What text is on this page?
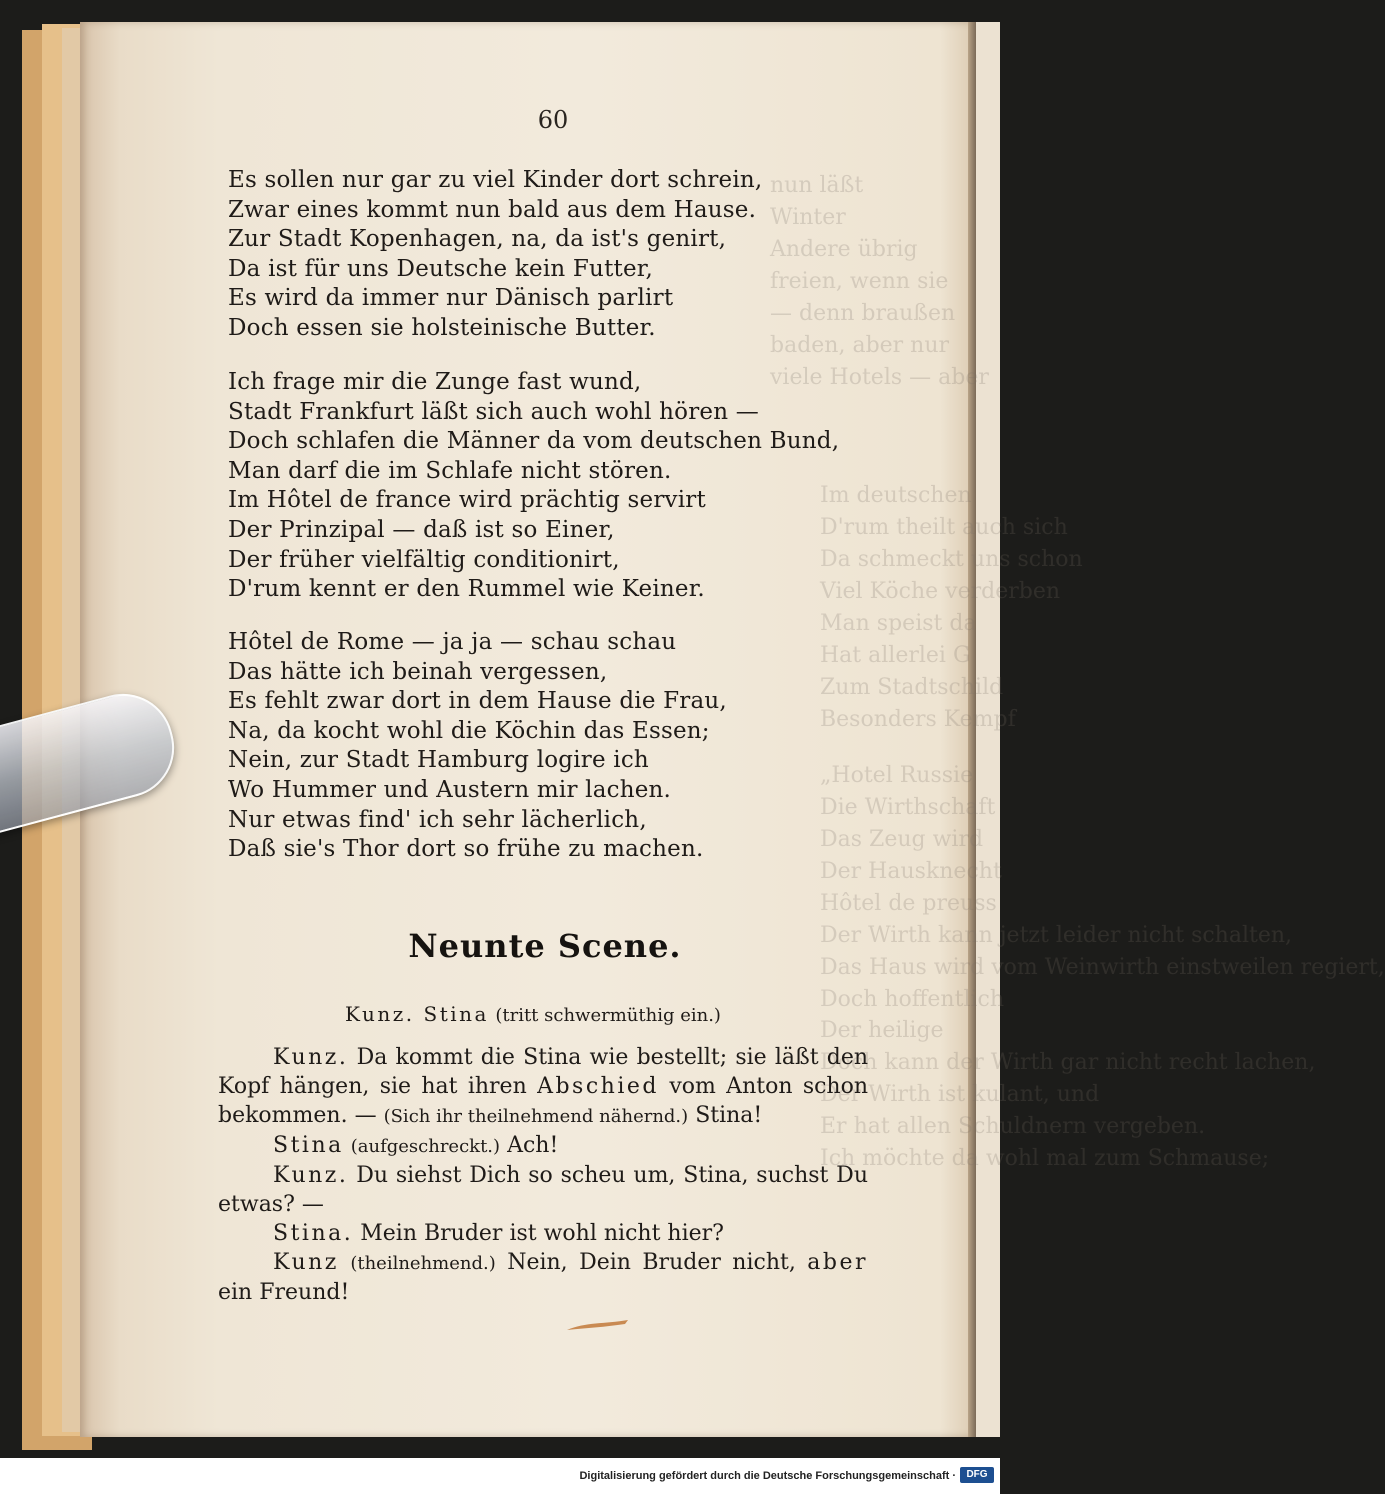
nun läßt
Winter
Andere übrig
freien, wenn sie
— denn braußen
baden, aber nur
viele Hotels — aber
Im deutschen
D'rum theilt auch sich
Da schmeckt uns schon
Viel Köche verderben
Man speist da
Hat allerlei G
Zum Stadtschild
Besonders Kempf
„Hotel Russie
Die Wirthschaft
Das Zeug wird
Der Hausknecht
Hôtel de preuss
Der Wirth kann jetzt leider nicht schalten,
Das Haus wird vom Weinwirth einstweilen regiert,
Doch hoffentlich
Der heilige
Doch kann der Wirth gar nicht recht lachen,
Der Wirth ist kulant, und
Er hat allen Schuldnern vergeben.
Ich möchte da wohl mal zum Schmause;
60
Es sollen nur gar zu viel Kinder dort schrein,
Zwar eines kommt nun bald aus dem Hause.
Zur Stadt Kopenhagen, na, da ist's genirt,
Da ist für uns Deutsche kein Futter,
Es wird da immer nur Dänisch parlirt
Doch essen sie holsteinische Butter.
Ich frage mir die Zunge fast wund,
Stadt Frankfurt läßt sich auch wohl hören —
Doch schlafen die Männer da vom deutschen Bund,
Man darf die im Schlafe nicht stören.
Im Hôtel de france wird prächtig servirt
Der Prinzipal — daß ist so Einer,
Der früher vielfältig conditionirt,
D'rum kennt er den Rummel wie Keiner.
Hôtel de Rome — ja ja — schau schau
Das hätte ich beinah vergessen,
Es fehlt zwar dort in dem Hause die Frau,
Na, da kocht wohl die Köchin das Essen;
Nein, zur Stadt Hamburg logire ich
Wo Hummer und Austern mir lachen.
Nur etwas find' ich sehr lächerlich,
Daß sie's Thor dort so frühe zu machen.
Neunte Scene.
Kunz. Stina (tritt schwermüthig ein.)

Kunz. Da kommt die Stina wie bestellt; sie läßt den Kopf hängen, sie hat ihren Abschied vom Anton schon bekommen. — (Sich ihr theilnehmend nähernd.) Stina!

Stina (aufgeschreckt.) Ach!

Kunz. Du siehst Dich so scheu um, Stina, suchst Du etwas? —

Stina. Mein Bruder ist wohl nicht hier?

Kunz (theilnehmend.) Nein, Dein Bruder nicht, aber ein Freund!

Digitalisierung gefördert durch die Deutsche Forschungsgemeinschaft ·	DFG
